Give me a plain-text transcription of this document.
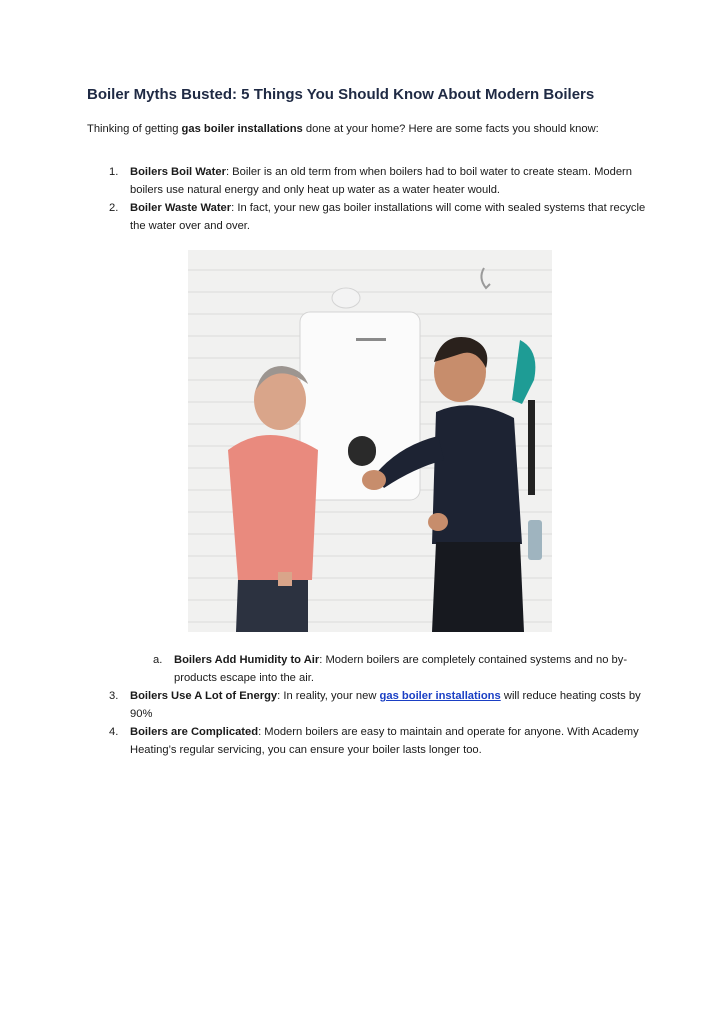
Boiler Myths Busted: 5 Things You Should Know About Modern Boilers

Thinking of getting gas boiler installations done at your home? Here are some facts you should know:

1. Boilers Boil Water: Boiler is an old term from when boilers had to boil water to create steam. Modern boilers use natural energy and only heat up water as a water heater would.
2. Boiler Waste Water: In fact, your new gas boiler installations will come with sealed systems that recycle the water over and over.
a. Boilers Add Humidity to Air: Modern boilers are completely contained systems and no by-products escape into the air.
3. Boilers Use A Lot of Energy: In reality, your new gas boiler installations will reduce heating costs by 90%
4. Boilers are Complicated: Modern boilers are easy to maintain and operate for anyone. With Academy Heating’s regular servicing, you can ensure your boiler lasts longer too.
